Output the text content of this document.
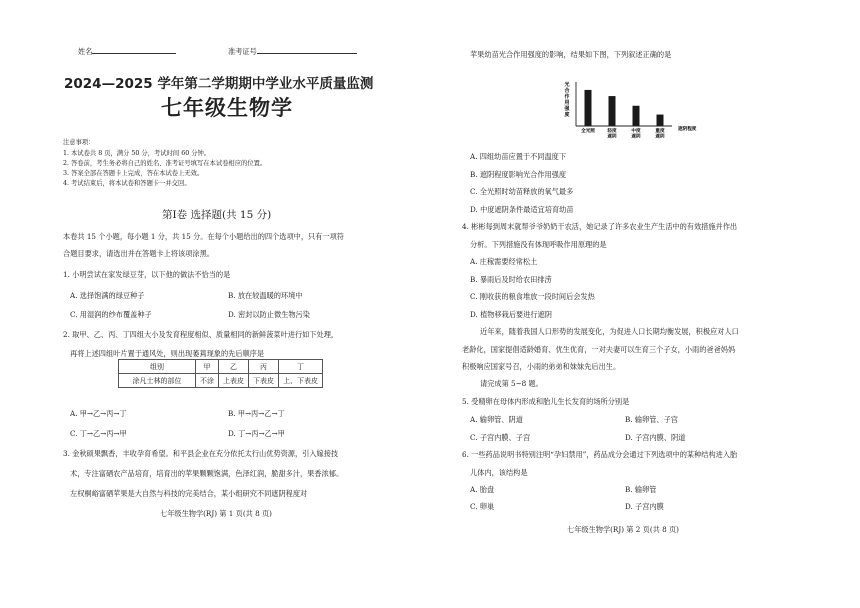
姓名	准考证号
2024—2025 学年第二学期期中学业水平质量监测
七年级生物学
注意事项：
1. 本试卷共 8 页，满分 50 分，考试时间 60 分钟。
2. 答卷前，考生务必将自己的姓名、准考证号填写在本试卷相应的位置。
3. 答案全部在答题卡上完成，答在本试卷上无效。
4. 考试结束后，将本试卷和答题卡一并交回。
第Ⅰ卷 选择题(共 15 分)
本卷共 15 个小题，每小题 1 分，共 15 分。在每个小题给出的四个选项中，只有一项符
合题目要求，请选出并在答题卡上将该项涂黑。
1. 小明尝试在家发绿豆芽，以下他的做法不恰当的是
A. 选择饱满的绿豆种子	B. 放在较温暖的环境中
C. 用湿润的纱布覆盖种子	D. 密封以防止微生物污染
2. 取甲、乙、丙、丁四组大小及发育程度相似、质量相同的新鲜菠菜叶进行如下处理，
再将上述四组叶片置于通风处，则出现萎蔫现象的先后顺序是
组别	甲	乙	丙	丁
涂凡士林的部位	不涂	上表皮	下表皮	上、下表皮
A. 甲→乙→丙→丁	B. 甲→丙→乙→丁
C. 丁→乙→丙→甲	D. 丁→丙→乙→甲
3. 金秋硕果飘香，丰收孕育希望。和平县企业在充分依托太行山优势资源，引入嫁接技
术，专注富硒农产品培育，培育出的苹果颗颗饱满，色泽红润，脆甜多汁，果香浓郁。
左权桐峪富硒苹果是大自然与科技的完美结合，某小组研究不同遮阴程度对
七年级生物学(RJ) 第 1 页(共 8 页)
苹果幼苗光合作用强度的影响，结果如下图，下列叙述正确的是
光
合
作
用
强
度
全光照	轻度
遮阴
中度
遮阴
重度
遮阴
遮阴程度
A. 四组幼苗应置于不同温度下
B. 遮阴程度影响光合作用强度
C. 全光照时幼苗释放的氧气最多
D. 中度遮阴条件最适宜培育幼苗
4. 彬彬每到周末就帮爷爷奶奶干农活，她记录了许多农业生产生活中的有效措施并作出
分析。下列措施没有体现呼吸作用原理的是
A. 庄稼需要经常松土
B. 暴雨后及时给农田排涝
C. 刚收获的粮食堆放一段时间后会发热
D. 植物移栽后要进行遮阴
近年来，随着我国人口形势的发展变化，为促进人口长期均衡发展，积极应对人口
老龄化，国家提倡适龄婚育、优生优育，一对夫妻可以生育三个子女，小雨的爸爸妈妈
积极响应国家号召，小雨的弟弟和妹妹先后出生。
请完成第 5~8 题。
5. 受精卵在母体内形成和胎儿生长发育的场所分别是
A. 输卵管、阴道	B. 输卵管、子宫
C. 子宫内膜、子宫	D. 子宫内膜、阴道
6. 一些药品说明书特别注明“孕妇禁用”，药品成分会通过下列选项中的某种结构进入胎
儿体内，该结构是
A. 胎盘	B. 输卵管
C. 卵巢	D. 子宫内膜
七年级生物学(RJ) 第 2 页(共 8 页)
